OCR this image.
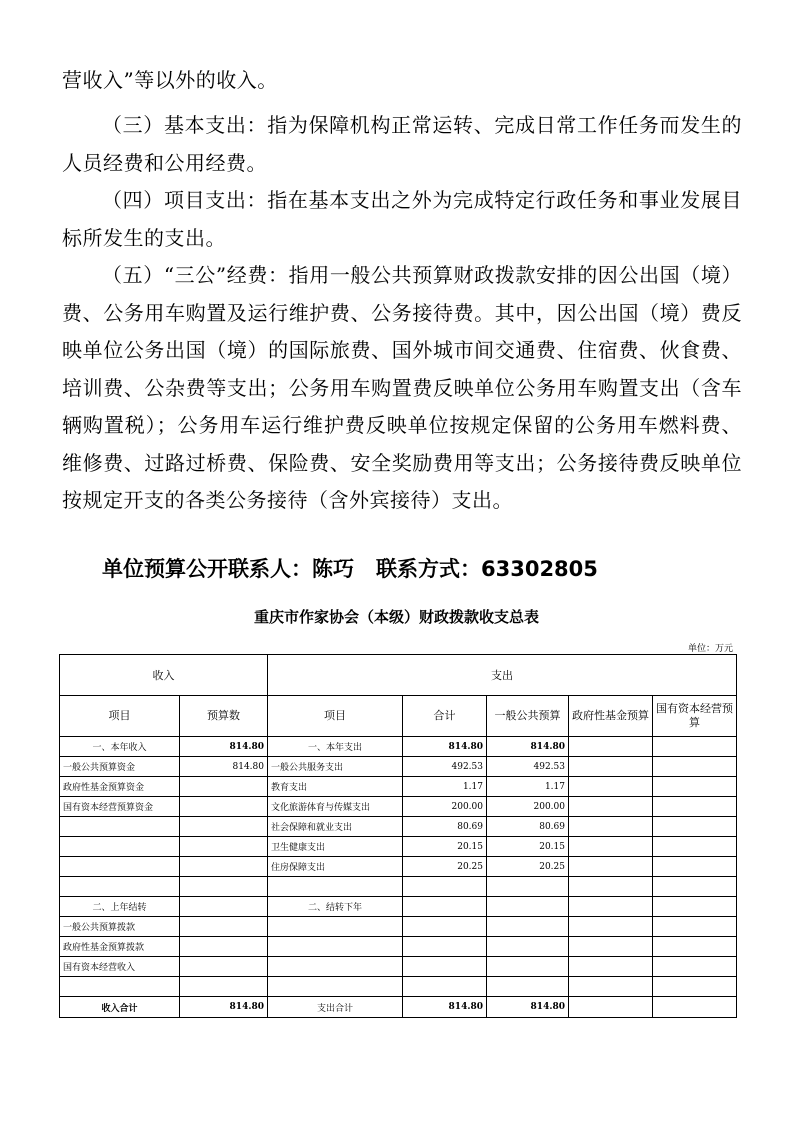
营收入”等以外的收入。
（三）基本支出：指为保障机构正常运转、完成日常工作任务而发生的人员经费和公用经费。
（四）项目支出：指在基本支出之外为完成特定行政任务和事业发展目标所发生的支出。
（五）“三公”经费：指用一般公共预算财政拨款安排的因公出国（境）费、公务用车购置及运行维护费、公务接待费。其中，因公出国（境）费反映单位公务出国（境）的国际旅费、国外城市间交通费、住宿费、伙食费、培训费、公杂费等支出；公务用车购置费反映单位公务用车购置支出（含车辆购置税）；公务用车运行维护费反映单位按规定保留的公务用车燃料费、维修费、过路过桥费、保险费、安全奖励费用等支出；公务接待费反映单位按规定开支的各类公务接待（含外宾接待）支出。
单位预算公开联系人：陈巧 联系方式：63302805
重庆市作家协会（本级）财政拨款收支总表
单位：万元
收入		支出				
项目	预算数	项目	合计	一般公共预算	政府性基金预算	国有资本经营预算
一、本年收入	814.80	一、本年支出	814.80	814.80		
一般公共预算资金	814.80	一般公共服务支出	492.53	492.53		
政府性基金预算资金		教育支出	1.17	1.17		
国有资本经营预算资金		文化旅游体育与传媒支出	200.00	200.00		
		社会保障和就业支出	80.69	80.69		
		卫生健康支出	20.15	20.15		
		住房保障支出	20.25	20.25		

二、上年结转		二、结转下年				
一般公共预算拨款						
政府性基金预算拨款						
国有资本经营收入						

收入合计	814.80	支出合计	814.80	814.80		
